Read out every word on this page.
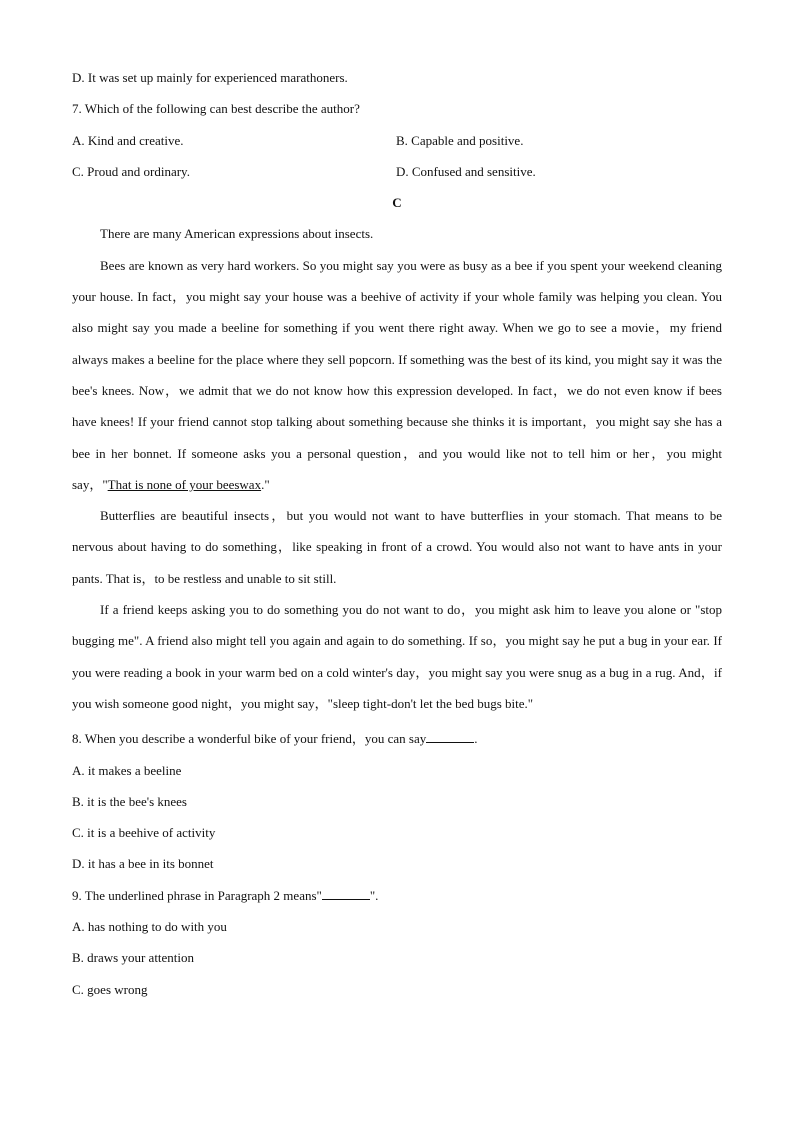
D. It was set up mainly for experienced marathoners.
7. Which of the following can best describe the author?
A. Kind and creative.	B. Capable and positive.
C. Proud and ordinary.	D. Confused and sensitive.
C

There are many American expressions about insects.

Bees are known as very hard workers. So you might say you were as busy as a bee if you spent your weekend cleaning your house. In fact，you might say your house was a beehive of activity if your whole family was helping you clean. You also might say you made a beeline for something if you went there right away. When we go to see a movie，my friend always makes a beeline for the place where they sell popcorn. If something was the best of its kind, you might say it was the bee's knees. Now，we admit that we do not know how this expression developed. In fact，we do not even know if bees have knees! If your friend cannot stop talking about something because she thinks it is important，you might say she has a bee in her bonnet. If someone asks you a personal question，and you would like not to tell him or her，you might say，"That is none of your beeswax."

Butterflies are beautiful insects，but you would not want to have butterflies in your stomach. That means to be nervous about having to do something，like speaking in front of a crowd. You would also not want to have ants in your pants. That is，to be restless and unable to sit still.

If a friend keeps asking you to do something you do not want to do，you might ask him to leave you alone or "stop bugging me". A friend also might tell you again and again to do something. If so，you might say he put a bug in your ear. If you were reading a book in your warm bed on a cold winter's day，you might say you were snug as a bug in a rug. And，if you wish someone good night，you might say，"sleep tight-don't let the bed bugs bite."

8. When you describe a wonderful bike of your friend，you can say	.
A. it makes a beeline
B. it is the bee's knees
C. it is a beehive of activity
D. it has a bee in its bonnet
9. The underlined phrase in Paragraph 2 means"	".
A. has nothing to do with you
B. draws your attention
C. goes wrong
